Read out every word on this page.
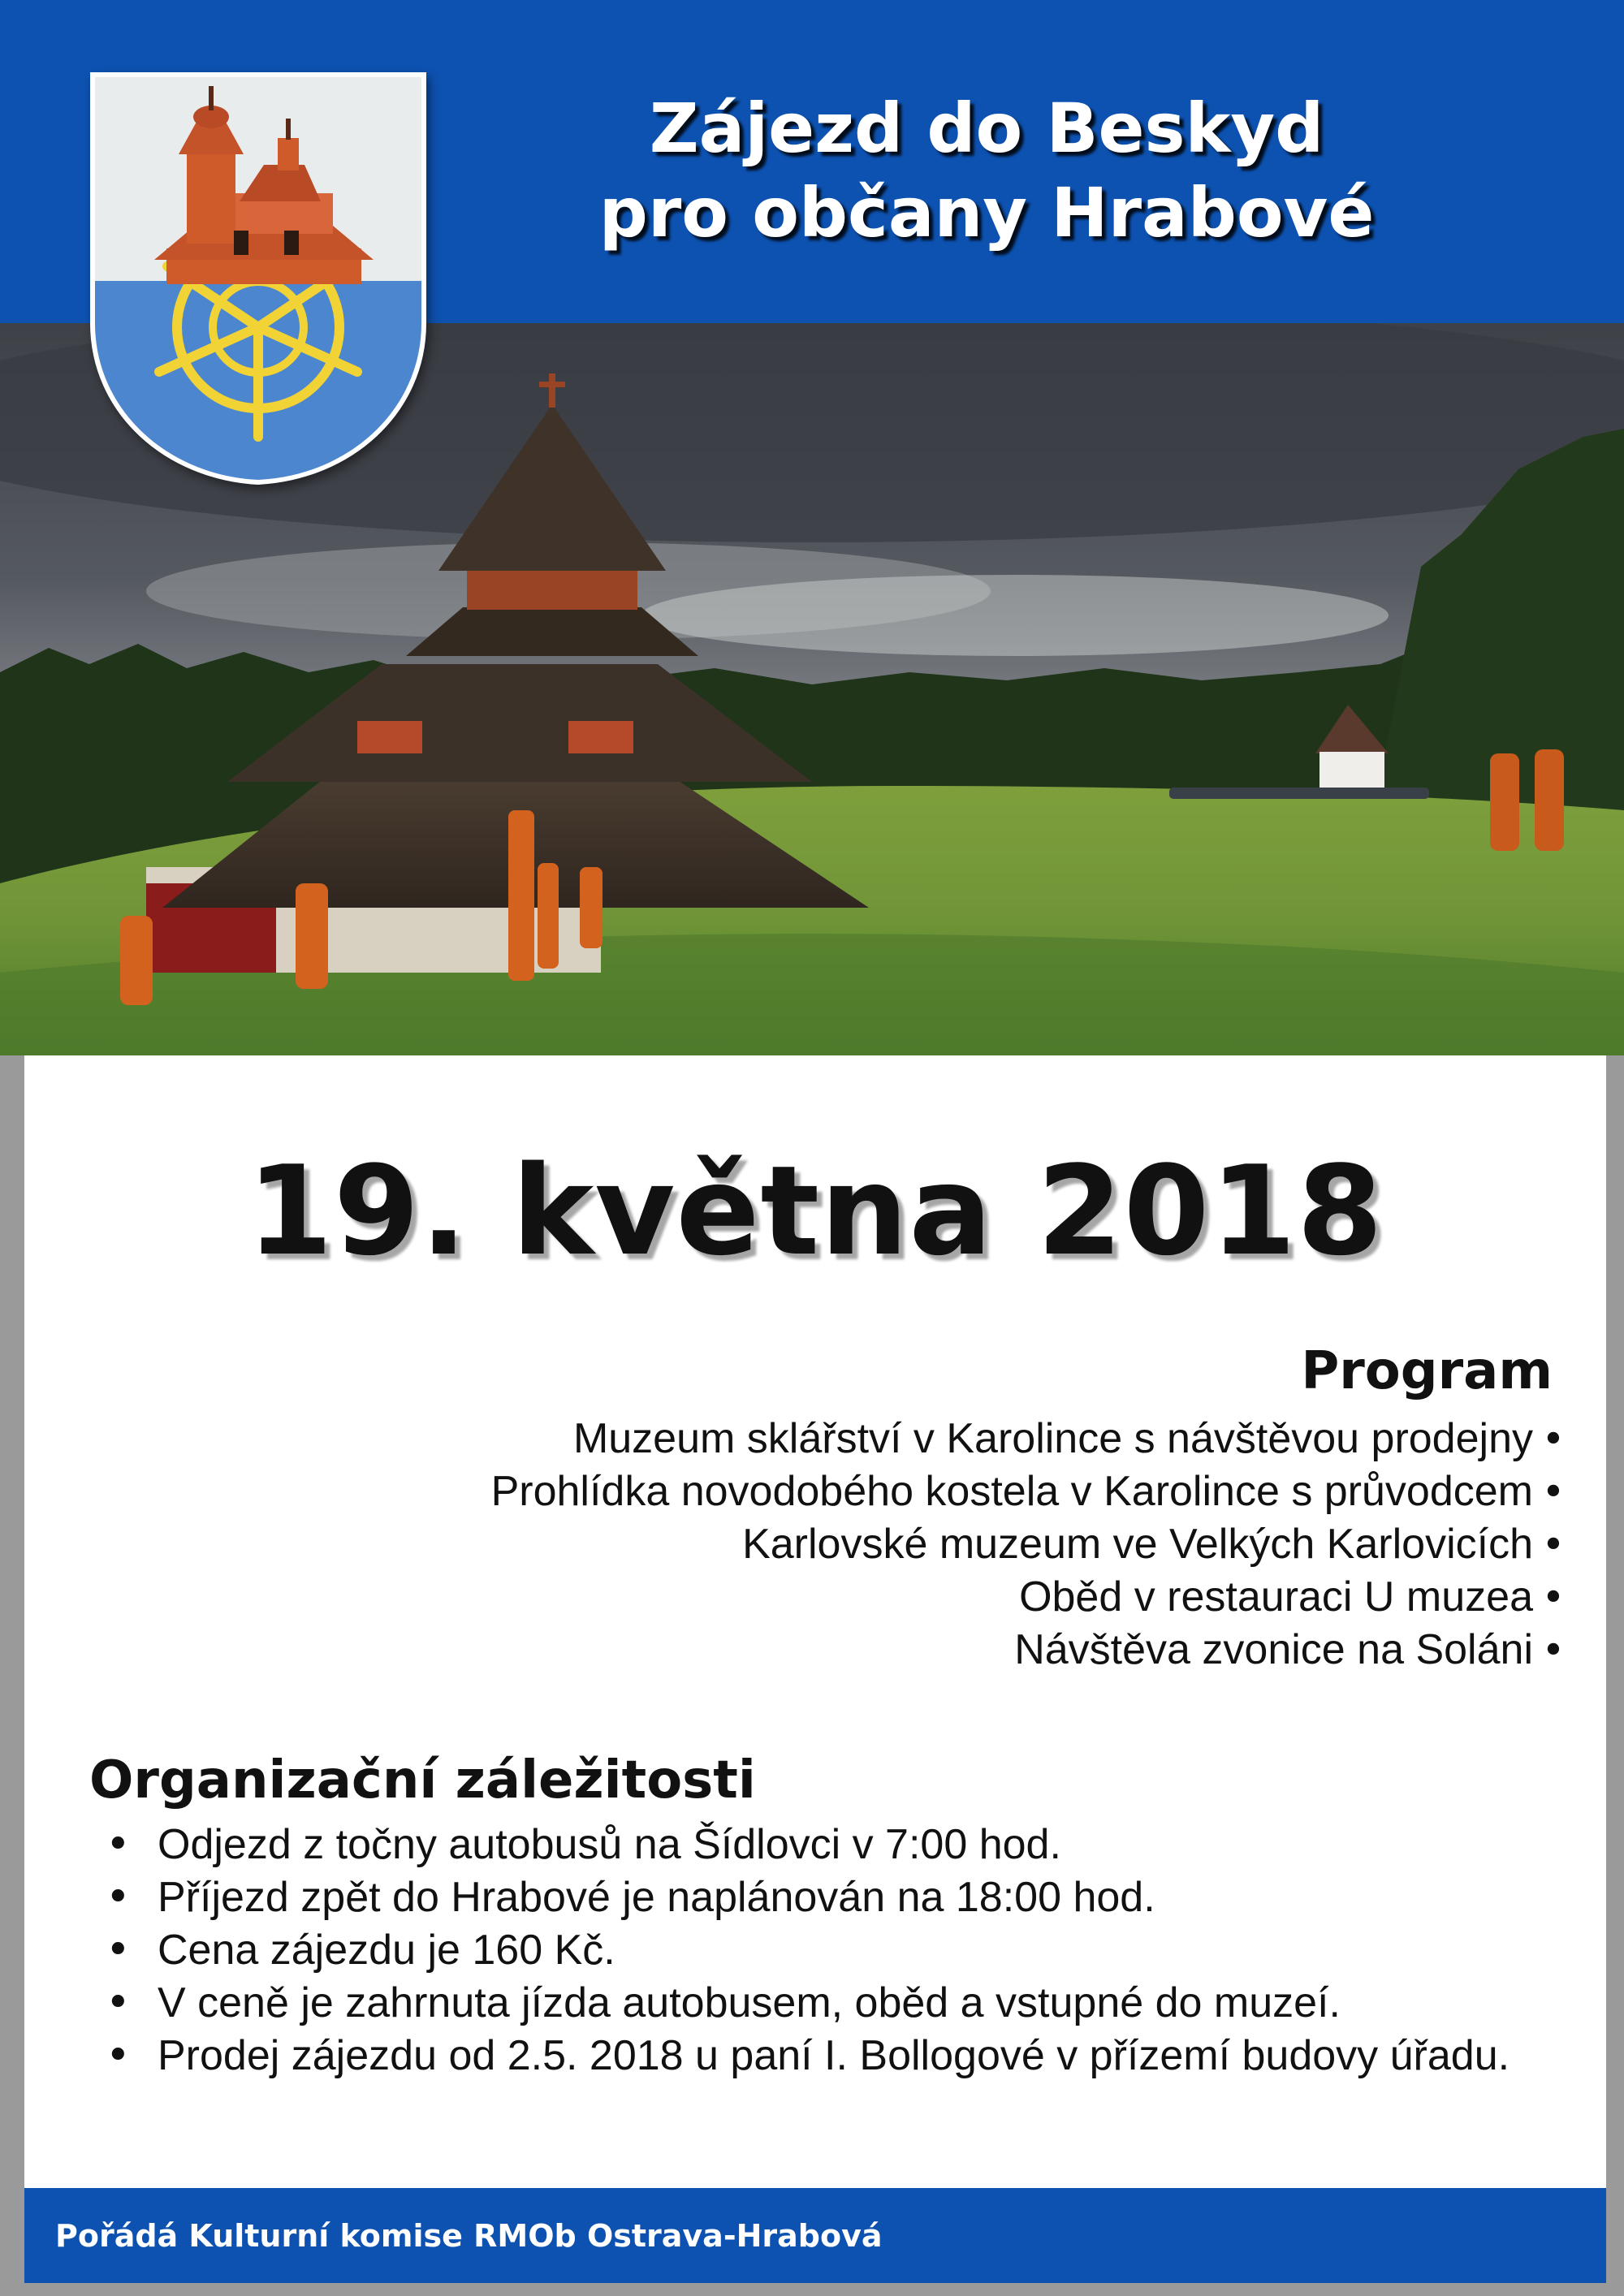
Zájezd do Beskyd
pro občany Hrabové
19. května 2018
Program
Muzeum sklářství v Karolince s návštěvou prodejny •
Prohlídka novodobého kostela v Karolince s průvodcem •
Karlovské muzeum ve Velkých Karlovicích •
Oběd v restauraci U muzea •
Návštěva zvonice na Soláni •
Organizační záležitosti
• Odjezd z točny autobusů na Šídlovci v 7:00 hod.
• Příjezd zpět do Hrabové je naplánován na 18:00 hod.
• Cena zájezdu je 160 Kč.
• V ceně je zahrnuta jízda autobusem, oběd a vstupné do muzeí.
• Prodej zájezdu od 2.5. 2018 u paní I. Bollogové v přízemí budovy úřadu.
Pořádá Kulturní komise RMOb Ostrava-Hrabová
